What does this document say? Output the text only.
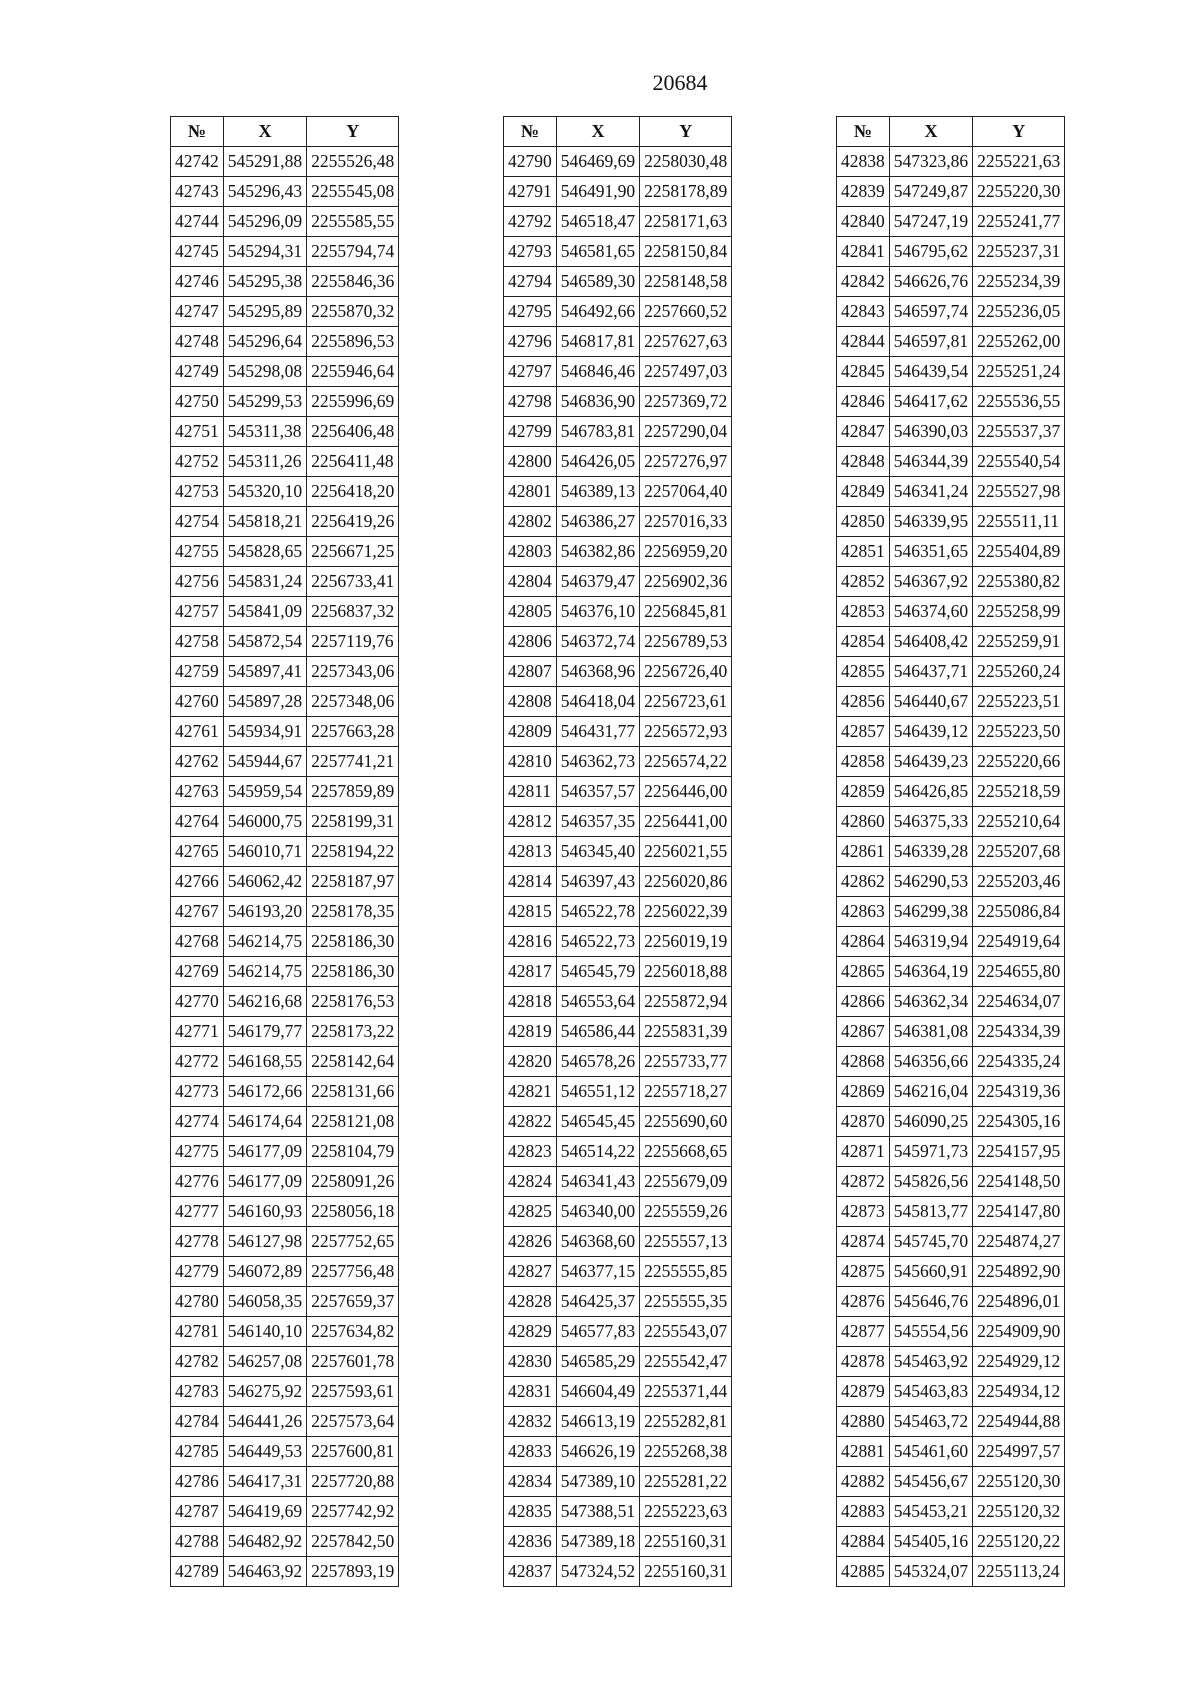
20684
№	X	Y
42742	545291,88	2255526,48
42743	545296,43	2255545,08
42744	545296,09	2255585,55
42745	545294,31	2255794,74
42746	545295,38	2255846,36
42747	545295,89	2255870,32
42748	545296,64	2255896,53
42749	545298,08	2255946,64
42750	545299,53	2255996,69
42751	545311,38	2256406,48
42752	545311,26	2256411,48
42753	545320,10	2256418,20
42754	545818,21	2256419,26
42755	545828,65	2256671,25
42756	545831,24	2256733,41
42757	545841,09	2256837,32
42758	545872,54	2257119,76
42759	545897,41	2257343,06
42760	545897,28	2257348,06
42761	545934,91	2257663,28
42762	545944,67	2257741,21
42763	545959,54	2257859,89
42764	546000,75	2258199,31
42765	546010,71	2258194,22
42766	546062,42	2258187,97
42767	546193,20	2258178,35
42768	546214,75	2258186,30
42769	546214,75	2258186,30
42770	546216,68	2258176,53
42771	546179,77	2258173,22
42772	546168,55	2258142,64
42773	546172,66	2258131,66
42774	546174,64	2258121,08
42775	546177,09	2258104,79
42776	546177,09	2258091,26
42777	546160,93	2258056,18
42778	546127,98	2257752,65
42779	546072,89	2257756,48
42780	546058,35	2257659,37
42781	546140,10	2257634,82
42782	546257,08	2257601,78
42783	546275,92	2257593,61
42784	546441,26	2257573,64
42785	546449,53	2257600,81
42786	546417,31	2257720,88
42787	546419,69	2257742,92
42788	546482,92	2257842,50
42789	546463,92	2257893,19
№	X	Y
42790	546469,69	2258030,48
42791	546491,90	2258178,89
42792	546518,47	2258171,63
42793	546581,65	2258150,84
42794	546589,30	2258148,58
42795	546492,66	2257660,52
42796	546817,81	2257627,63
42797	546846,46	2257497,03
42798	546836,90	2257369,72
42799	546783,81	2257290,04
42800	546426,05	2257276,97
42801	546389,13	2257064,40
42802	546386,27	2257016,33
42803	546382,86	2256959,20
42804	546379,47	2256902,36
42805	546376,10	2256845,81
42806	546372,74	2256789,53
42807	546368,96	2256726,40
42808	546418,04	2256723,61
42809	546431,77	2256572,93
42810	546362,73	2256574,22
42811	546357,57	2256446,00
42812	546357,35	2256441,00
42813	546345,40	2256021,55
42814	546397,43	2256020,86
42815	546522,78	2256022,39
42816	546522,73	2256019,19
42817	546545,79	2256018,88
42818	546553,64	2255872,94
42819	546586,44	2255831,39
42820	546578,26	2255733,77
42821	546551,12	2255718,27
42822	546545,45	2255690,60
42823	546514,22	2255668,65
42824	546341,43	2255679,09
42825	546340,00	2255559,26
42826	546368,60	2255557,13
42827	546377,15	2255555,85
42828	546425,37	2255555,35
42829	546577,83	2255543,07
42830	546585,29	2255542,47
42831	546604,49	2255371,44
42832	546613,19	2255282,81
42833	546626,19	2255268,38
42834	547389,10	2255281,22
42835	547388,51	2255223,63
42836	547389,18	2255160,31
42837	547324,52	2255160,31
№	X	Y
42838	547323,86	2255221,63
42839	547249,87	2255220,30
42840	547247,19	2255241,77
42841	546795,62	2255237,31
42842	546626,76	2255234,39
42843	546597,74	2255236,05
42844	546597,81	2255262,00
42845	546439,54	2255251,24
42846	546417,62	2255536,55
42847	546390,03	2255537,37
42848	546344,39	2255540,54
42849	546341,24	2255527,98
42850	546339,95	2255511,11
42851	546351,65	2255404,89
42852	546367,92	2255380,82
42853	546374,60	2255258,99
42854	546408,42	2255259,91
42855	546437,71	2255260,24
42856	546440,67	2255223,51
42857	546439,12	2255223,50
42858	546439,23	2255220,66
42859	546426,85	2255218,59
42860	546375,33	2255210,64
42861	546339,28	2255207,68
42862	546290,53	2255203,46
42863	546299,38	2255086,84
42864	546319,94	2254919,64
42865	546364,19	2254655,80
42866	546362,34	2254634,07
42867	546381,08	2254334,39
42868	546356,66	2254335,24
42869	546216,04	2254319,36
42870	546090,25	2254305,16
42871	545971,73	2254157,95
42872	545826,56	2254148,50
42873	545813,77	2254147,80
42874	545745,70	2254874,27
42875	545660,91	2254892,90
42876	545646,76	2254896,01
42877	545554,56	2254909,90
42878	545463,92	2254929,12
42879	545463,83	2254934,12
42880	545463,72	2254944,88
42881	545461,60	2254997,57
42882	545456,67	2255120,30
42883	545453,21	2255120,32
42884	545405,16	2255120,22
42885	545324,07	2255113,24
